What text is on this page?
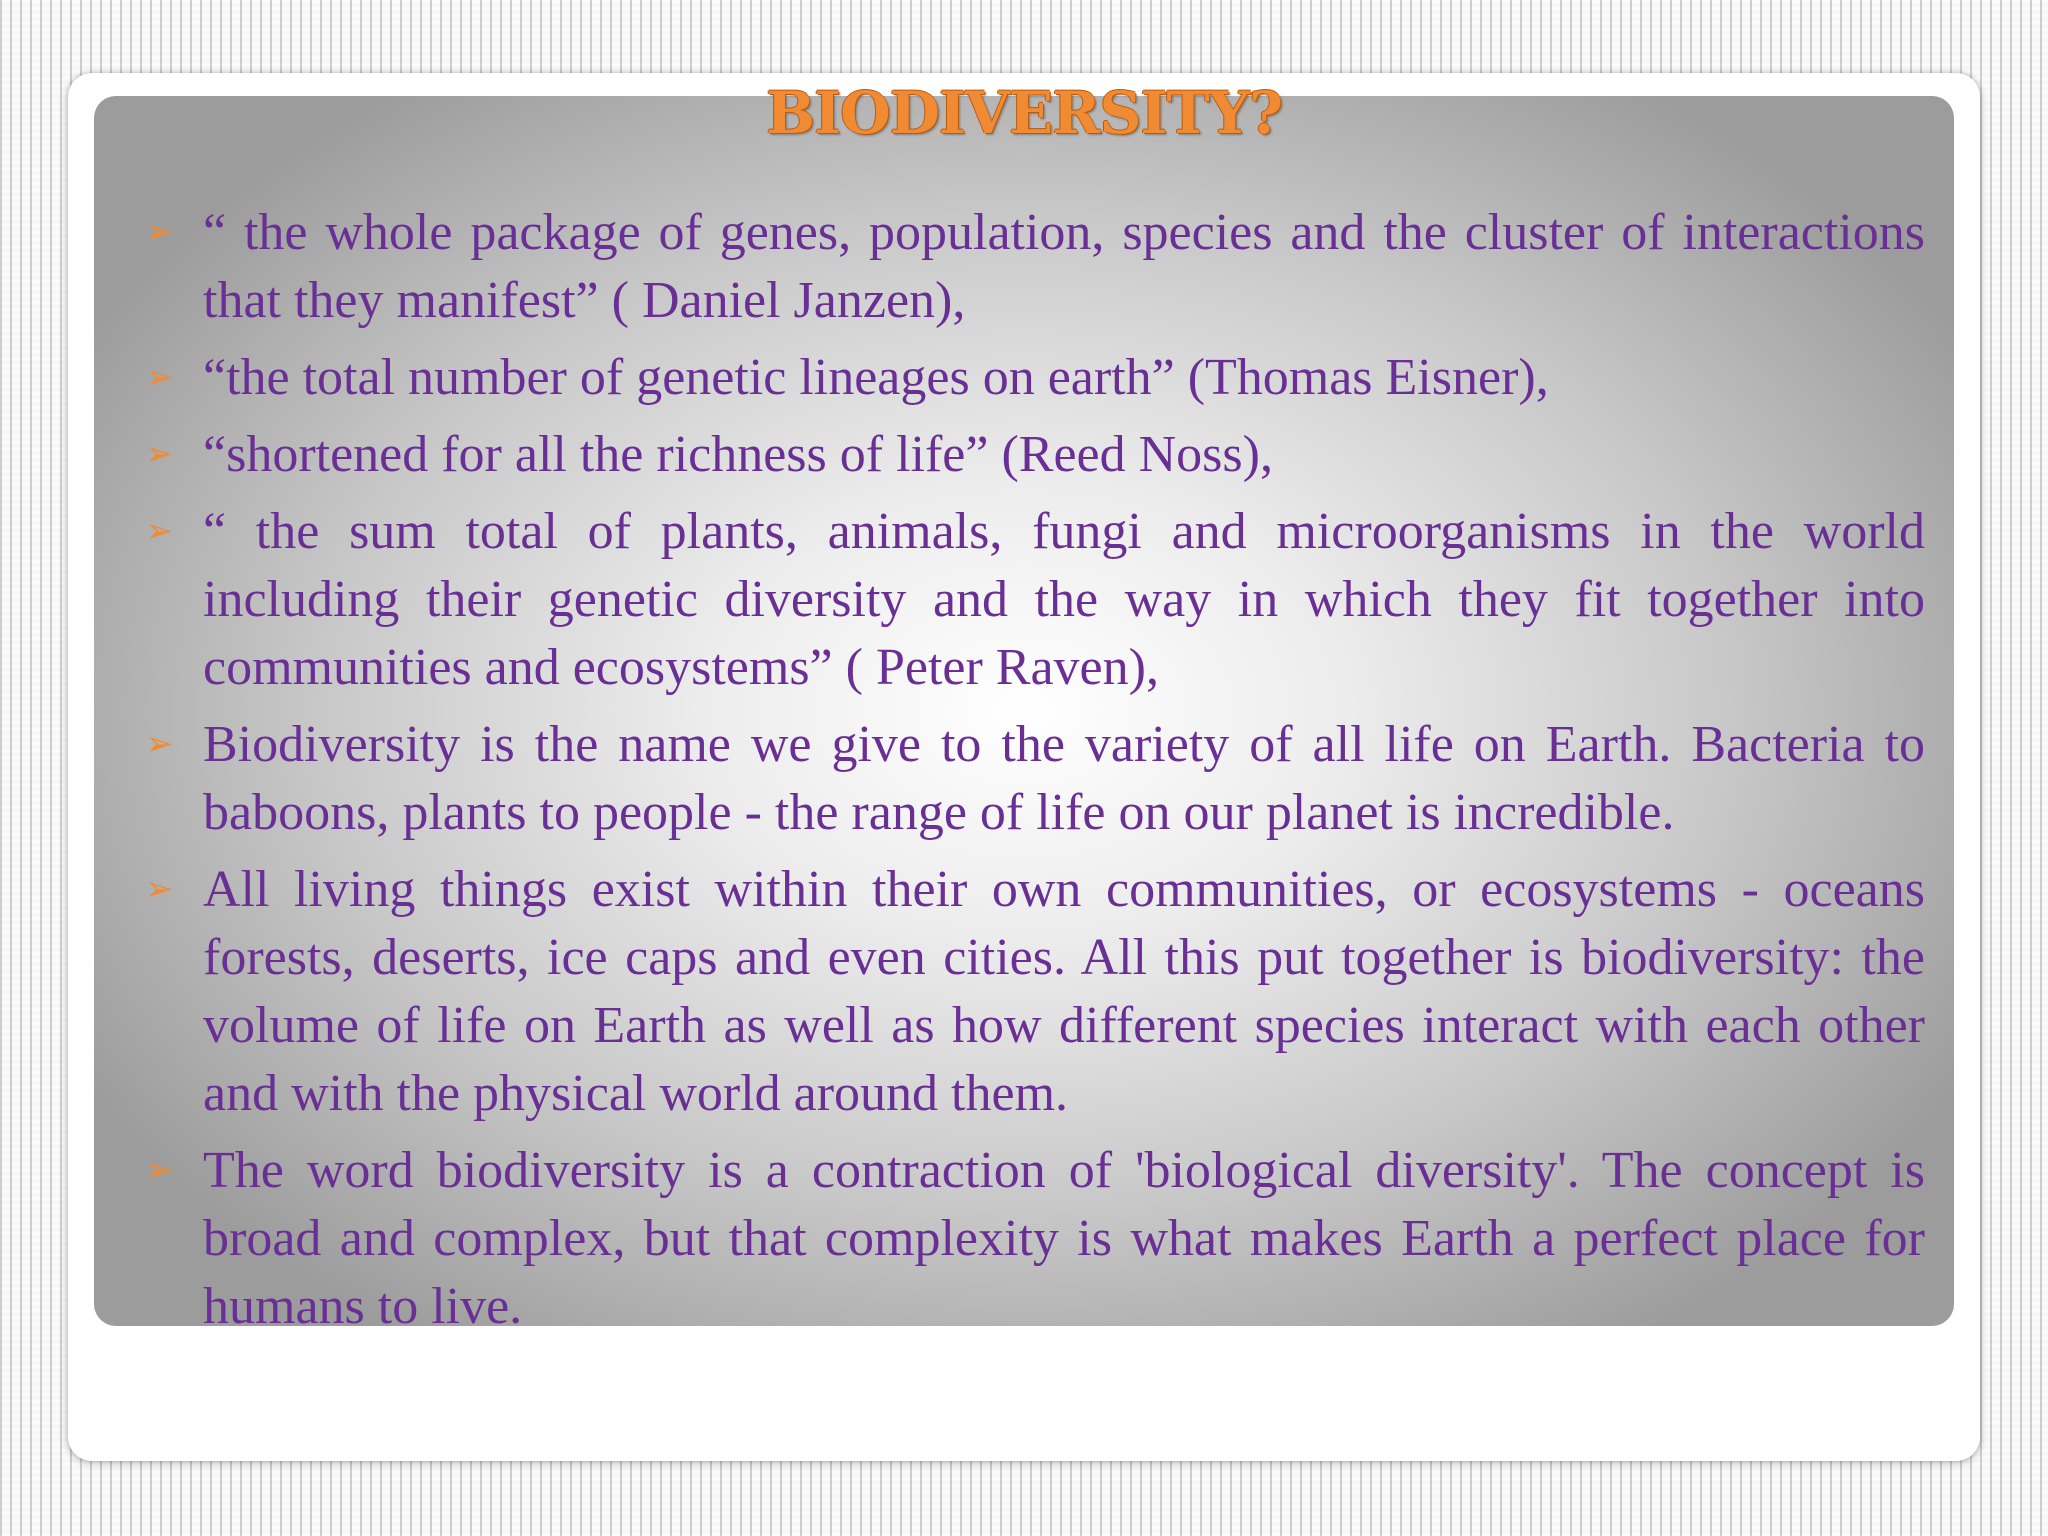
BIODIVERSITY?
➢ “ the whole package of genes, population, species and the cluster of interactions that they manifest” ( Daniel Janzen),
➢ “the total number of genetic lineages on earth” (Thomas Eisner),
➢ “shortened for all the richness of life” (Reed Noss),
➢ “ the sum total of plants, animals, fungi and microorganisms in the world including their genetic diversity and the way in which they fit together into communities and ecosystems” ( Peter Raven),
➢ Biodiversity is the name we give to the variety of all life on Earth. Bacteria to baboons, plants to people - the range of life on our planet is incredible.
➢ All living things exist within their own communities, or ecosystems - oceans forests, deserts, ice caps and even cities. All this put together is biodiversity: the volume of life on Earth as well as how different species interact with each other and with the physical world around them.
➢ The word biodiversity is a contraction of 'biological diversity'. The concept is broad and complex, but that complexity is what makes Earth a perfect place for humans to live.
